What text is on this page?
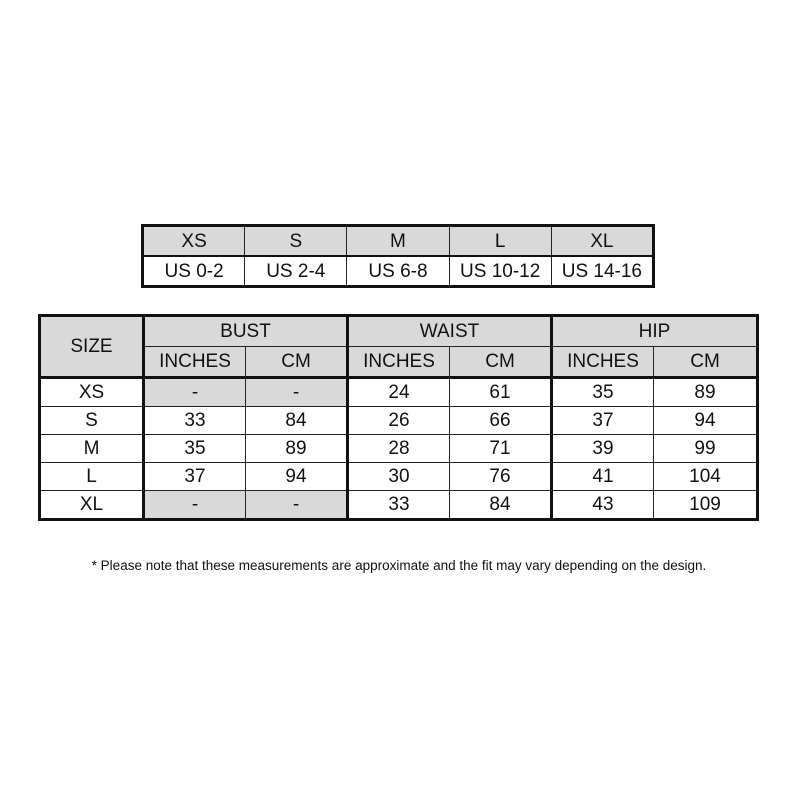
XS	S	M	L	XL
US 0-2	US 2-4	US 6-8	US 10-12	US 14-16
SIZE	BUST		WAIST		HIP	
	INCHES	CM	INCHES	CM	INCHES	CM
XS	-	-	24	61	35	89
S	33	84	26	66	37	94
M	35	89	28	71	39	99
L	37	94	30	76	41	104
XL	-	-	33	84	43	109
* Please note that these measurements are approximate and the fit may vary depending on the design.
